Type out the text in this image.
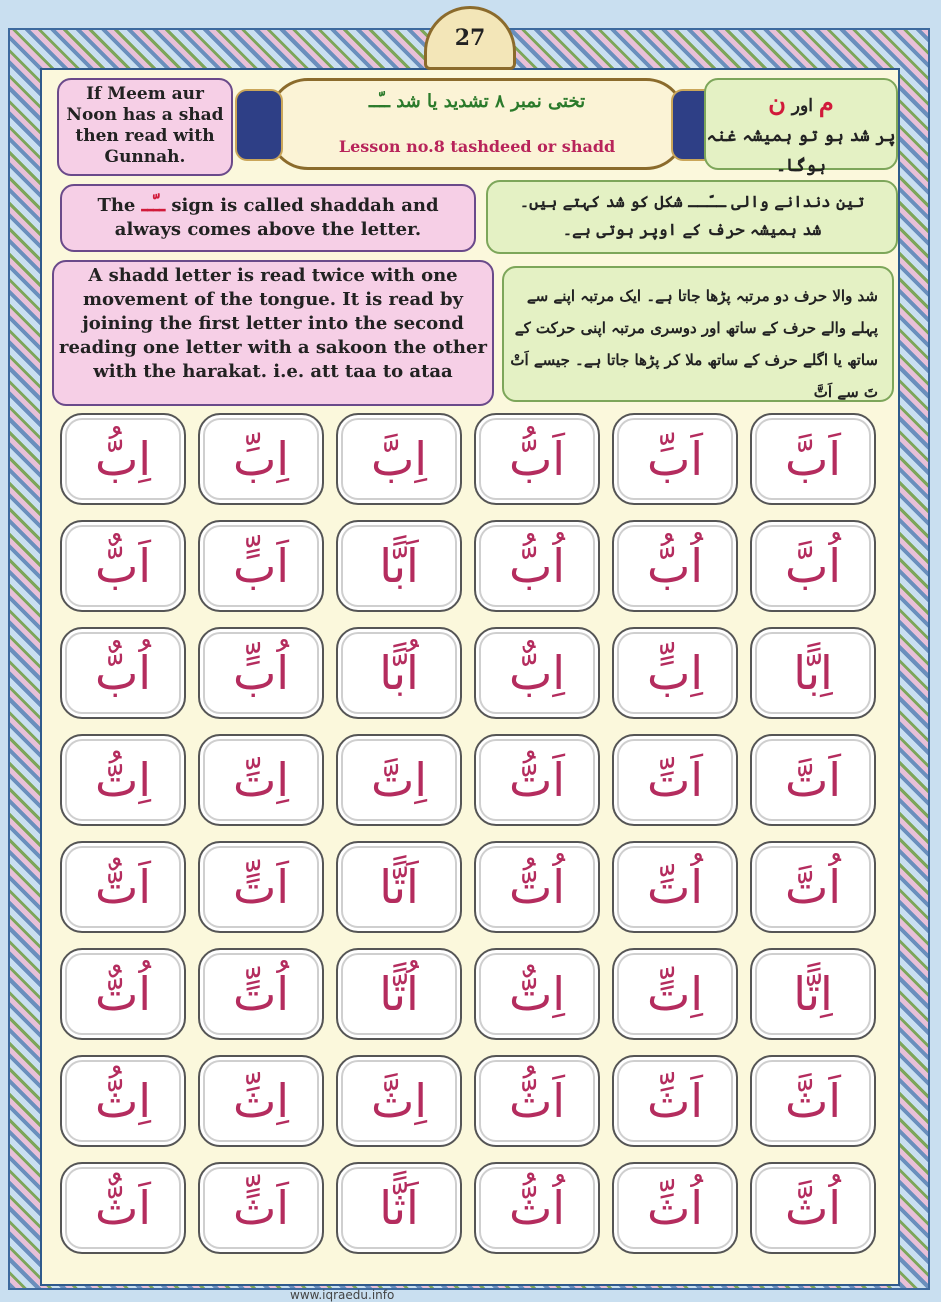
27
If Meem aur Noon has a shad then read with Gunnah.
تختی نمبر ۸ تشدید یا شد ــّــ
Lesson no.8 tashdeed or shadd
م اور ن
پر شد ہو تو ہمیشہ غنہ ہوگا۔
The ــّــ sign is called shaddah and always comes above the letter.
تین دندانے والی ــّــ شکل کو شد کہتے ہیں۔
شد ہمیشہ حرف کے اوپر ہوتی ہے۔
A shadd letter is read twice with one movement of the tongue. It is read by joining the first letter into the second reading one letter with a sakoon the other with the harakat. i.e. att taa to ataa
شد والا حرف دو مرتبہ پڑھا جاتا ہے۔ ایک مرتبہ اپنے سے پہلے والے حرف کے ساتھ اور دوسری مرتبہ اپنی حرکت کے ساتھ یا اگلے حرف کے ساتھ ملا کر پڑھا جاتا ہے۔ جیسے اَتْ تَ سے اَتَّ
اِبُّ	اِبِّ	اِبَّ	اَبُّ	اَبِّ	اَبَّ
اَبٌّ	اَبٍّ	اَبًّا	اُبُّ	اُبُّ	اُبَّ
اُبٌّ	اُبٍّ	اُبًّا	اِبٌّ	اِبٍّ	اِبًّا
اِتُّ	اِتِّ	اِتَّ	اَتُّ	اَتِّ	اَتَّ
اَتٌّ	اَتٍّ	اَتًّا	اُتُّ	اُتِّ	اُتَّ
اُتٌّ	اُتٍّ	اُتًّا	اِتٌّ	اِتٍّ	اِتًّا
اِثُّ	اِثِّ	اِثَّ	اَثُّ	اَثِّ	اَثَّ
اَثٌّ	اَثٍّ	اَثًّا	اُثُّ	اُثِّ	اُثَّ
www.iqraedu.info
